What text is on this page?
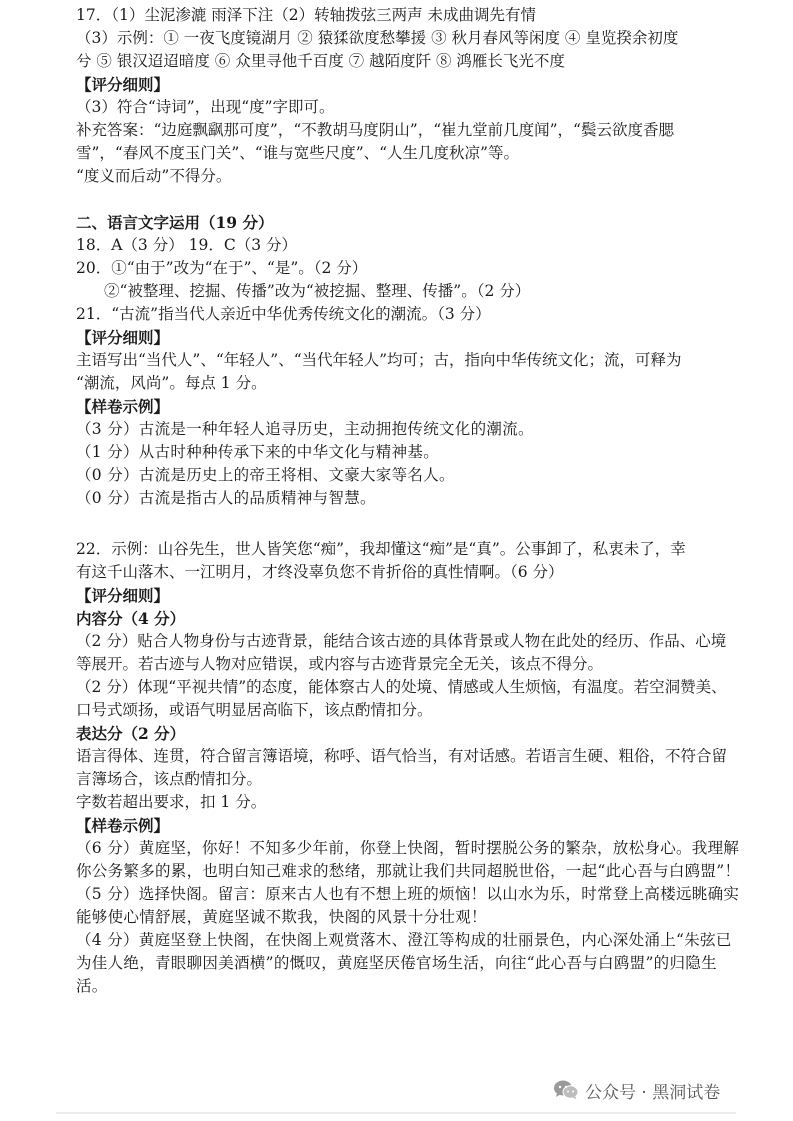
17．（1）尘泥渗漉 雨泽下注（2）转轴拨弦三两声 未成曲调先有情
（3）示例：① 一夜飞度镜湖月 ② 猿猱欲度愁攀援 ③ 秋月春风等闲度 ④ 皇览揆余初度
兮 ⑤ 银汉迢迢暗度 ⑥ 众里寻他千百度 ⑦ 越陌度阡 ⑧ 鸿雁长飞光不度
【评分细则】
（3）符合“诗词”，出现“度”字即可。
补充答案：“边庭飘飖那可度”，“不教胡马度阴山”，“崔九堂前几度闻”，“鬓云欲度香腮
雪”，“春风不度玉门关”、“谁与宽些尺度”、“人生几度秋凉”等。
“度义而后动”不得分。
二、语言文字运用（19 分）
18．A（3 分） 19．C（3 分）
20．①“由于”改为“在于”、“是”。（2 分）
②“被整理、挖掘、传播”改为“被挖掘、整理、传播”。（2 分）
21．“古流”指当代人亲近中华优秀传统文化的潮流。（3 分）
【评分细则】
主语写出“当代人”、“年轻人”、“当代年轻人”均可；古，指向中华传统文化；流，可释为
“潮流，风尚”。每点 1 分。
【样卷示例】
（3 分）古流是一种年轻人追寻历史，主动拥抱传统文化的潮流。
（1 分）从古时种种传承下来的中华文化与精神基。
（0 分）古流是历史上的帝王将相、文豪大家等名人。
（0 分）古流是指古人的品质精神与智慧。
22．示例：山谷先生，世人皆笑您“痴”，我却懂这“痴”是“真”。公事卸了，私衷未了，幸
有这千山落木、一江明月，才终没辜负您不肯折俗的真性情啊。（6 分）
【评分细则】
内容分（4 分）
（2 分）贴合人物身份与古迹背景，能结合该古迹的具体背景或人物在此处的经历、作品、心境
等展开。若古迹与人物对应错误，或内容与古迹背景完全无关，该点不得分。
（2 分）体现“平视共情”的态度，能体察古人的处境、情感或人生烦恼，有温度。若空洞赞美、
口号式颂扬，或语气明显居高临下，该点酌情扣分。
表达分（2 分）
语言得体、连贯，符合留言簿语境，称呼、语气恰当，有对话感。若语言生硬、粗俗，不符合留
言簿场合，该点酌情扣分。
字数若超出要求，扣 1 分。
【样卷示例】
（6 分）黄庭坚，你好！不知多少年前，你登上快阁，暂时摆脱公务的繁杂，放松身心。我理解
你公务繁多的累，也明白知己难求的愁绪，那就让我们共同超脱世俗，一起“此心吾与白鸥盟”！
（5 分）选择快阁。留言：原来古人也有不想上班的烦恼！以山水为乐，时常登上高楼远眺确实
能够使心情舒展，黄庭坚诚不欺我，快阁的风景十分壮观！
（4 分）黄庭坚登上快阁，在快阁上观赏落木、澄江等构成的壮丽景色，内心深处涌上“朱弦已
为佳人绝，青眼聊因美酒横”的慨叹，黄庭坚厌倦官场生活，向往“此心吾与白鸥盟”的归隐生
活。
公众号 · 黑洞试卷
